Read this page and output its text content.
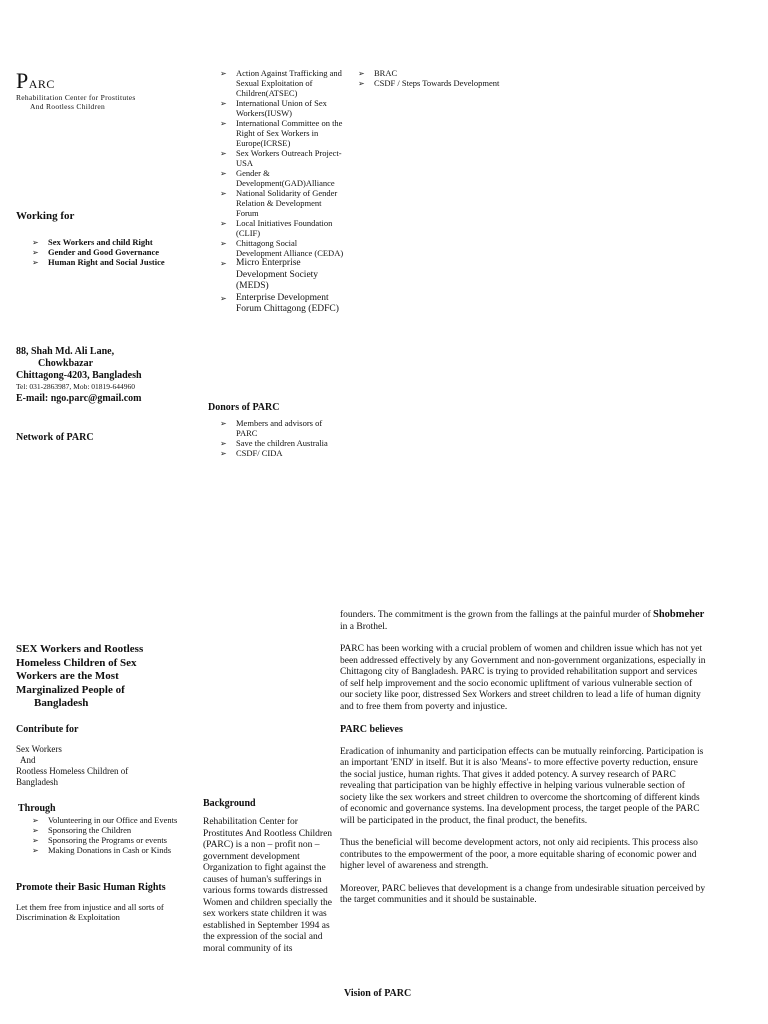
PARC
Rehabilitation Center for Prostitutes
And Rootless Children
Working for
➢ Sex Workers and child Right
➢ Gender and Good Governance
➢ Human Right and Social Justice
88, Shah Md. Ali Lane,
Chowkbazar
Chittagong-4203, Bangladesh
Tel: 031-2863987, Mob: 01819-644960
E-mail: ngo.parc@gmail.com
Network of PARC
➢ Action Against Trafficking and Sexual Exploitation of Children(ATSEC)
➢ International Union of Sex Workers(IUSW)
➢ International Committee on the Right of Sex Workers in Europe(ICRSE)
➢ Sex Workers Outreach Project-USA
➢ Gender & Development(GAD)Alliance
➢ National Solidarity of Gender Relation & Development Forum
➢ Local Initiatives Foundation (CLIF)
➢ Chittagong Social Development Alliance (CEDA)
➢ Micro Enterprise Development Society (MEDS)
➢ Enterprise Development Forum Chittagong (EDFC)
➢ BRAC
➢ CSDF / Steps Towards Development
Donors of PARC
➢ Members and advisors of PARC
➢ Save the children Australia
➢ CSDF/ CIDA
SEX Workers and Rootless Homeless Children of Sex Workers are the Most Marginalized People of
Bangladesh
Contribute for
Sex Workers
And
Rootless Homeless Children of Bangladesh
Through
➢ Volunteering in our Office and Events
➢ Sponsoring the Children
➢ Sponsoring the Programs or events
➢ Making Donations in Cash or Kinds
Promote their Basic Human Rights
Let them free from injustice and all sorts of Discrimination & Exploitation
Background
Rehabilitation Center for Prostitutes And Rootless Children (PARC) is a non – profit non – government development Organization to fight against the causes of human's sufferings in various forms towards distressed Women and children specially the sex workers state children it was established in September 1994 as the expression of the social and moral community of its

founders. The commitment is the grown from the fallings at the painful murder of Shobmeher in a Brothel.

PARC has been working with a crucial problem of women and children issue which has not yet been addressed effectively by any Government and non-government organizations, especially in Chittagong city of Bangladesh. PARC is trying to provided rehabilitation support and services of self help improvement and the socio economic upliftment of various vulnerable section of our society like poor, distressed Sex Workers and street children to lead a life of human dignity and to free them from poverty and injustice.

PARC believes

Eradication of inhumanity and participation effects can be mutually reinforcing. Participation is an important 'END' in itself. But it is also 'Means'- to more effective poverty reduction, ensure the social justice, human rights. That gives it added potency. A survey research of PARC revealing that participation van be highly effective in helping various vulnerable section of society like the sex workers and street children to overcome the shortcoming of different kinds of economic and governance systems. Ina development process, the target people of the PARC will be participated in the product, the final product, the benefits.

Thus the beneficial will become development actors, not only aid recipients. This process also contributes to the empowerment of the poor, a more equitable sharing of economic power and higher level of awareness and strength.

Moreover, PARC believes that development is a change from undesirable situation perceived by the target communities and it should be sustainable.

Vision of PARC
